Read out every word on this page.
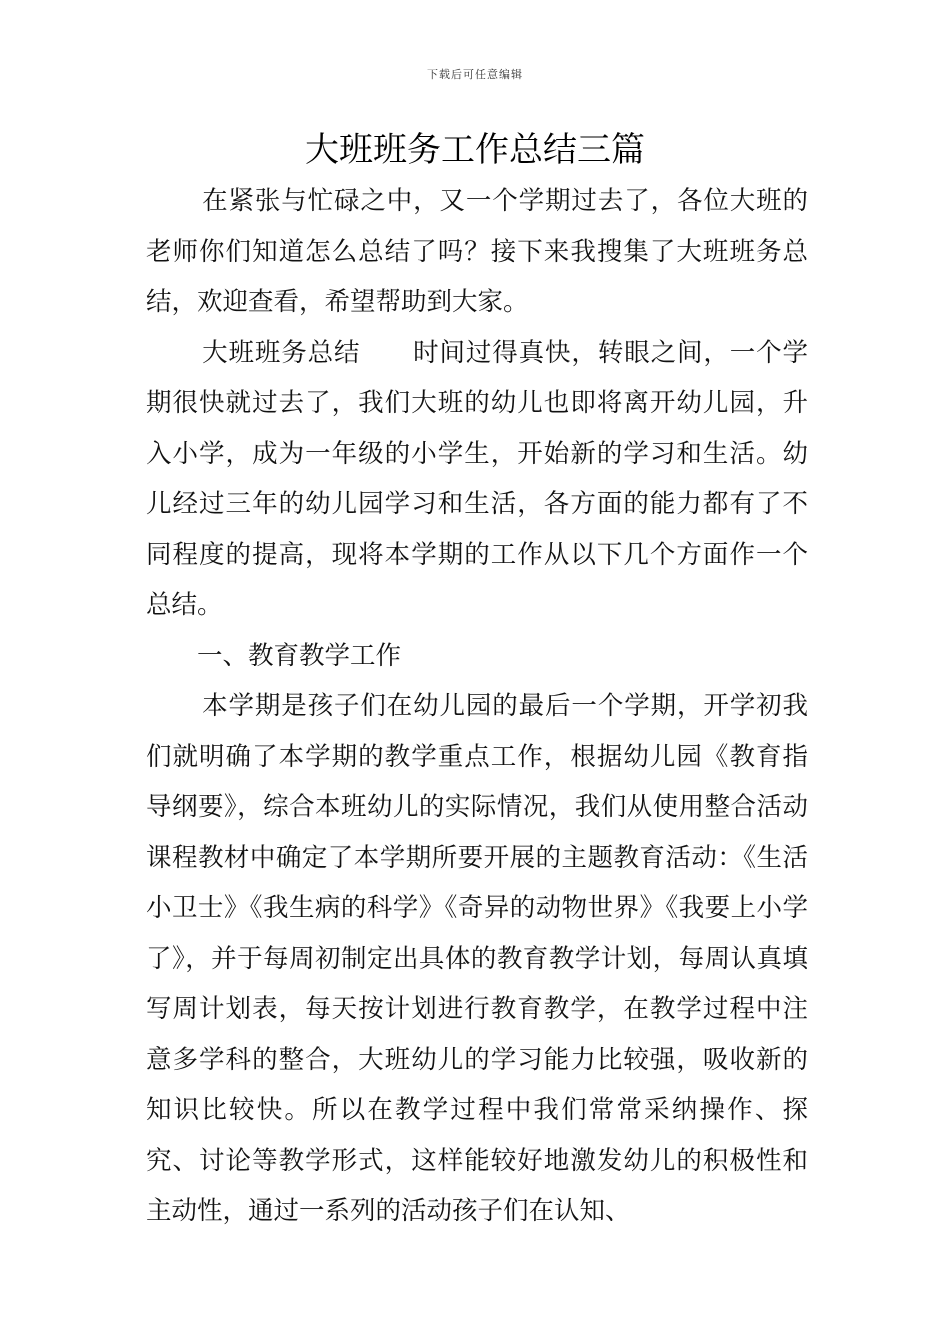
下载后可任意编辑
大班班务工作总结三篇

在紧张与忙碌之中，又一个学期过去了，各位大班的老师你们知道怎么总结了吗？接下来我搜集了大班班务总结，欢迎查看，希望帮助到大家。

大班班务总结　　时间过得真快，转眼之间，一个学期很快就过去了，我们大班的幼儿也即将离开幼儿园，升入小学，成为一年级的小学生，开始新的学习和生活。幼儿经过三年的幼儿园学习和生活，各方面的能力都有了不同程度的提高，现将本学期的工作从以下几个方面作一个总结。

一、教育教学工作

本学期是孩子们在幼儿园的最后一个学期，开学初我们就明确了本学期的教学重点工作，根据幼儿园《教育指导纲要》，综合本班幼儿的实际情况，我们从使用整合活动课程教材中确定了本学期所要开展的主题教育活动：《生活小卫士》《我生病的科学》《奇异的动物世界》《我要上小学了》，并于每周初制定出具体的教育教学计划，每周认真填写周计划表，每天按计划进行教育教学，在教学过程中注意多学科的整合，大班幼儿的学习能力比较强，吸收新的知识比较快。所以在教学过程中我们常常采纳操作、探究、讨论等教学形式，这样能较好地激发幼儿的积极性和主动性，通过一系列的活动孩子们在认知、
